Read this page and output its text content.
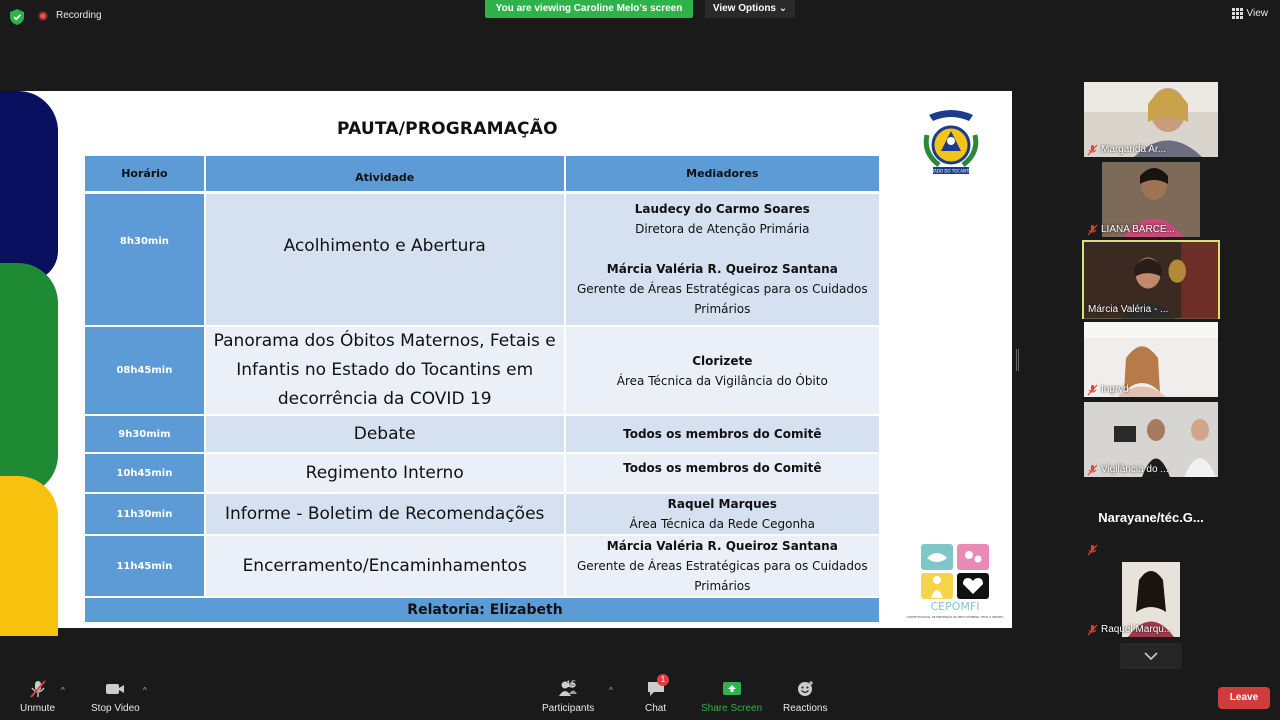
Recording
You are viewing Caroline Melo's screen	View Options ⌄	View
PAUTA/PROGRAMAÇÃO
ESTADO DO TOCANTINS
Horário	Atividade	Mediadores
8h30min	Acolhimento e Abertura	Laudecy do Carmo Soares
Diretora de Atenção Primária
Márcia Valéria R. Queiroz Santana
Gerente de Áreas Estratégicas para os Cuidados Primários

08h45min	Panorama dos Óbitos Maternos, Fetais e Infantis no Estado do Tocantins em decorrência da COVID 19	Clorizete
Área Técnica da Vigilância do Óbito

9h30mim	Debate	Todos os membros do Comitê

10h45min	Regimento Interno	Todos os membros do Comitê

11h30min	Informe - Boletim de Recomendações	Raquel Marques
Área Técnica da Rede Cegonha

11h45min	Encerramento/Encaminhamentos	Márcia Valéria R. Queiroz Santana
Gerente de Áreas Estratégicas para os Cuidados Primários

Relatoria: Elizabeth			CEPOMFI
COMITÊ ESTADUAL DE PREVENÇÃO DE ÓBITO MATERNO, FETAL E INFANTIL
Margarida Ar...
LIANA BARCE...
Márcia Valéria - ...
Ingryd
Vigilância do ...
Narayane/téc.G...
Raquel Marqu...
Unmute
^
Stop Video
^
15
Participants
^
1
Chat	Share Screen Reactions
Leave
